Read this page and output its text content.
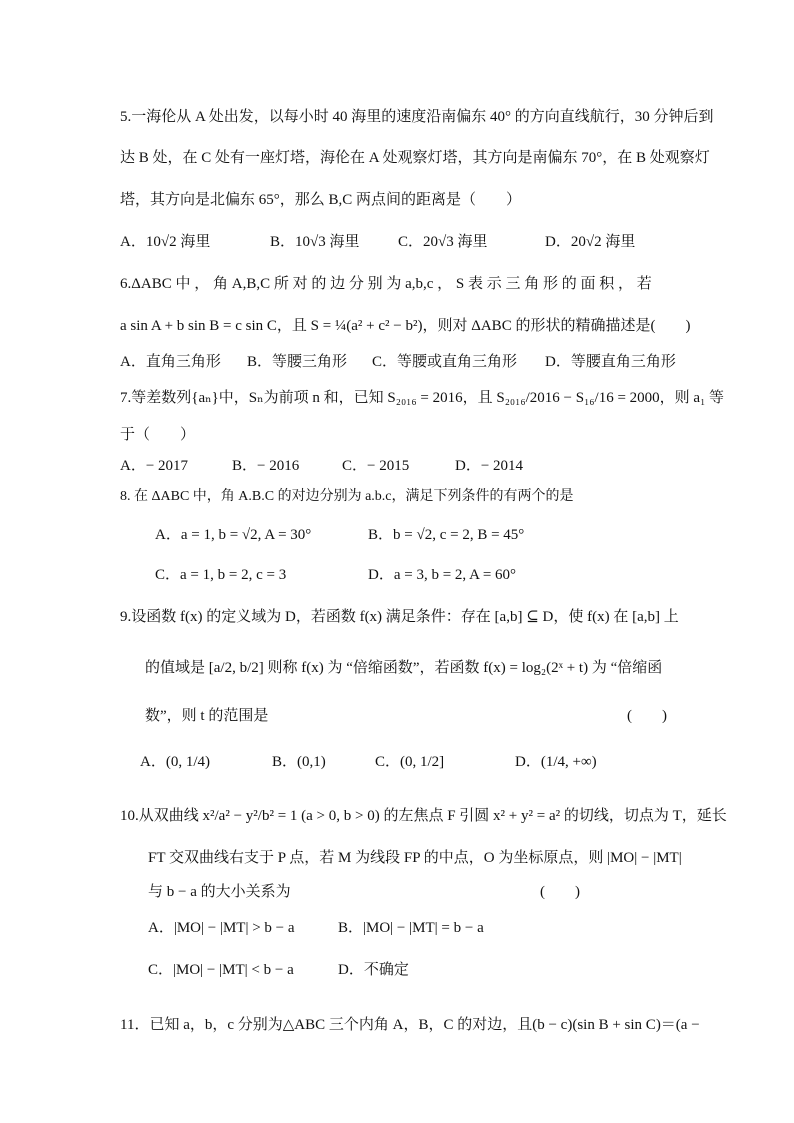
5.一海伦从 A 处出发，以每小时 40 海里的速度沿南偏东 40° 的方向直线航行，30 分钟后到
达 B 处，在 C 处有一座灯塔，海伦在 A 处观察灯塔，其方向是南偏东 70°，在 B 处观察灯
塔，其方向是北偏东 65°，那么 B,C 两点间的距离是（　　）
A．10√2 海里	B．10√3 海里	C．20√3 海里	D．20√2 海里
6.ΔABC 中 ， 角 A,B,C 所 对 的 边 分 别 为 a,b,c ， S 表 示 三 角 形 的 面 积 ， 若
a sin A + b sin B = c sin C，且 S = ¼(a² + c² − b²)，则对 ΔABC 的形状的精确描述是(　　)
A．直角三角形 B．等腰三角形 C．等腰或直角三角形 D．等腰直角三角形
7.等差数列{aₙ}中，Sₙ为前项 n 和，已知 S₂₀₁₆ = 2016，且 S₂₀₁₆/2016 − S₁₆/16 = 2000，则 a₁ 等
于（　　）
A．− 2017	B．− 2016	C．− 2015	D．− 2014
8. 在 ΔABC 中，角 A.B.C 的对边分别为 a.b.c，满足下列条件的有两个的是
A．a = 1, b = √2, A = 30°	B．b = √2, c = 2, B = 45°
C．a = 1, b = 2, c = 3	D．a = 3, b = 2, A = 60°
9.设函数 f(x) 的定义域为 D，若函数 f(x) 满足条件：存在 [a,b] ⊆ D，使 f(x) 在 [a,b] 上
的值域是 [a/2, b/2] 则称 f(x) 为 “倍缩函数”，若函数 f(x) = log₂(2ˣ + t) 为 “倍缩函
数”，则 t 的范围是	(　　)
A．(0, 1/4)	B．(0,1)	C．(0, 1/2]	D．(1/4, +∞)
10.从双曲线 x²/a² − y²/b² = 1 (a > 0, b > 0) 的左焦点 F 引圆 x² + y² = a² 的切线，切点为 T，延长
FT 交双曲线右支于 P 点，若 M 为线段 FP 的中点，O 为坐标原点，则 |MO| − |MT|
与 b − a 的大小关系为	(　　)
A．|MO| − |MT| > b − a	B．|MO| − |MT| = b − a
C．|MO| − |MT| < b − a	D．不确定
11．已知 a，b，c 分别为△ABC 三个内角 A，B，C 的对边，且(b − c)(sin B + sin C)＝(a −
